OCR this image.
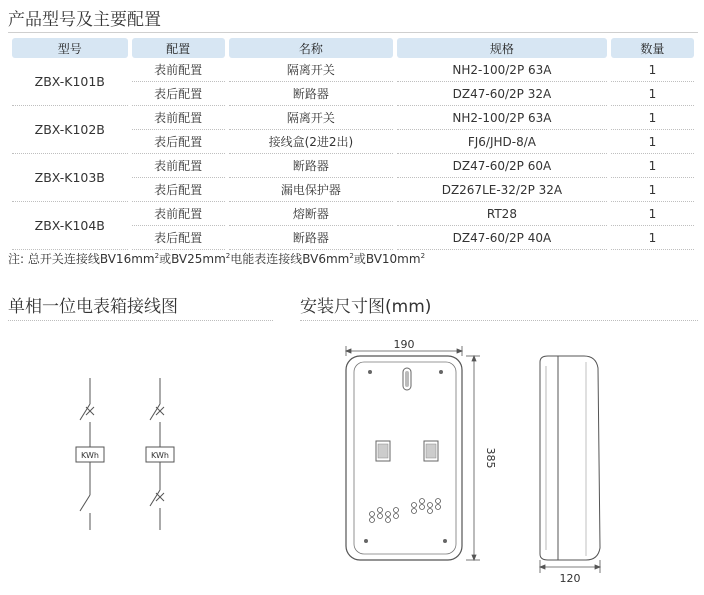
产品型号及主要配置
型号	配置	名称	规格	数量
ZBX-K101B	表前配置	隔离开关	NH2-100/2P 63A	1
	表后配置	断路器	DZ47-60/2P 32A	1
ZBX-K102B	表前配置	隔离开关	NH2-100/2P 63A	1
	表后配置	接线盒(2进2出)	FJ6/JHD-8/A	1
ZBX-K103B	表前配置	断路器	DZ47-60/2P 60A	1
	表后配置	漏电保护器	DZ267LE-32/2P 32A	1
ZBX-K104B	表前配置	熔断器	RT28	1
	表后配置	断路器	DZ47-60/2P 40A	1
注: 总开关连接线$BV16mm^2$或$BV25mm^2$电能表连接线$BV6mm^2$或$BV10mm^2$
单相一位电表箱接线图	安装尺寸图(mm)
KWh	KWh
190
385
120
